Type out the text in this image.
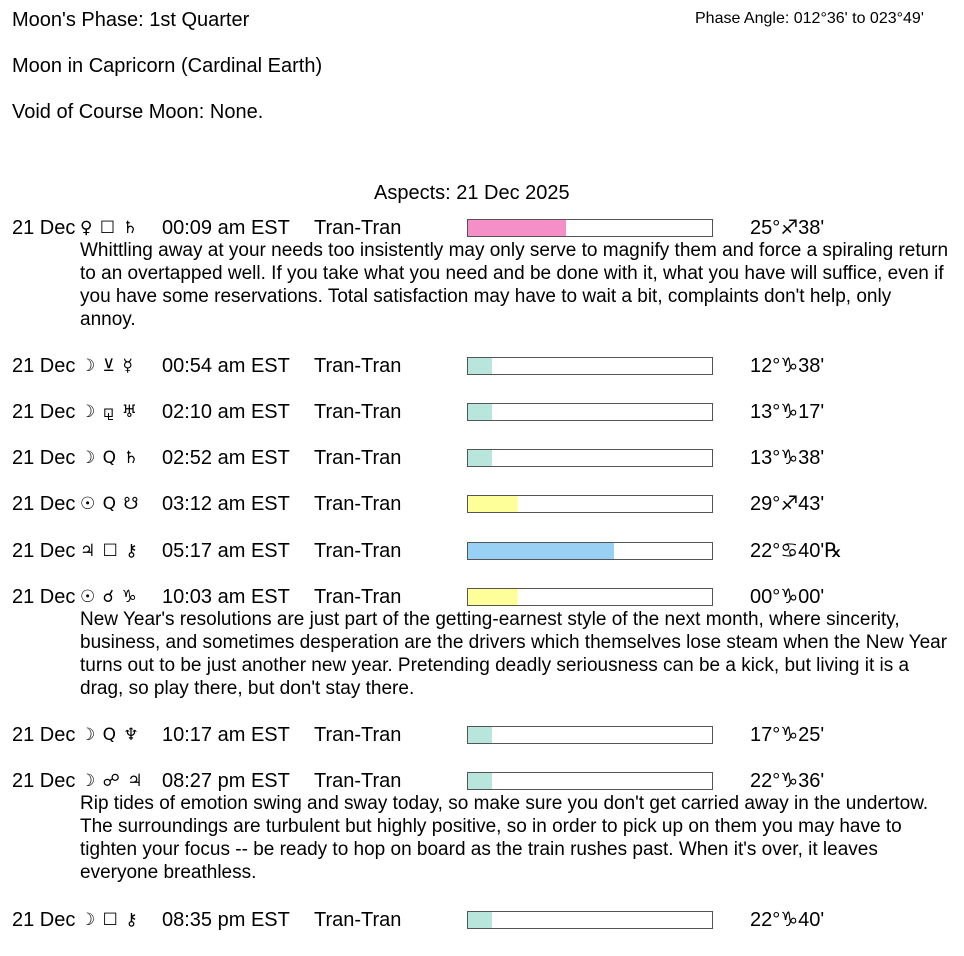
Moon's Phase: 1st Quarter	Phase Angle: 012°36' to 023°49'
Moon in Capricorn (Cardinal Earth)
Void of Course Moon: None.
Aspects: 21 Dec 2025
21 Dec ♀ ☐ ♄ 00:09 am EST Tran-Tran	25°♐38'
Whittling away at your needs too insistently may only serve to magnify them and force a spiraling return to an overtapped well. If you take what you need and be done with it, what you have will suffice, even if you have some reservations. Total satisfaction may have to wait a bit, complaints don't help, only annoy.
21 Dec ☽ ⊻ ☿ 00:54 am EST Tran-Tran	12°♑38'
21 Dec ☽ ⚼ ♅ 02:10 am EST Tran-Tran	13°♑17'
21 Dec ☽ Q ♄ 02:52 am EST Tran-Tran	13°♑38'
21 Dec ☉ Q ☋ 03:12 am EST Tran-Tran	29°♐43'
21 Dec ♃ ☐ ⚷ 05:17 am EST Tran-Tran	22°♋40'℞
21 Dec ☉ ☌ ♑ 10:03 am EST Tran-Tran	00°♑00'
New Year's resolutions are just part of the getting-earnest style of the next month, where sincerity, business, and sometimes desperation are the drivers which themselves lose steam when the New Year turns out to be just another new year. Pretending deadly seriousness can be a kick, but living it is a drag, so play there, but don't stay there.
21 Dec ☽ Q ♆ 10:17 am EST Tran-Tran	17°♑25'
21 Dec ☽ ☍ ♃ 08:27 pm EST Tran-Tran	22°♑36'
Rip tides of emotion swing and sway today, so make sure you don't get carried away in the undertow. The surroundings are turbulent but highly positive, so in order to pick up on them you may have to tighten your focus -- be ready to hop on board as the train rushes past. When it's over, it leaves everyone breathless.
21 Dec ☽ ☐ ⚷ 08:35 pm EST Tran-Tran	22°♑40'
